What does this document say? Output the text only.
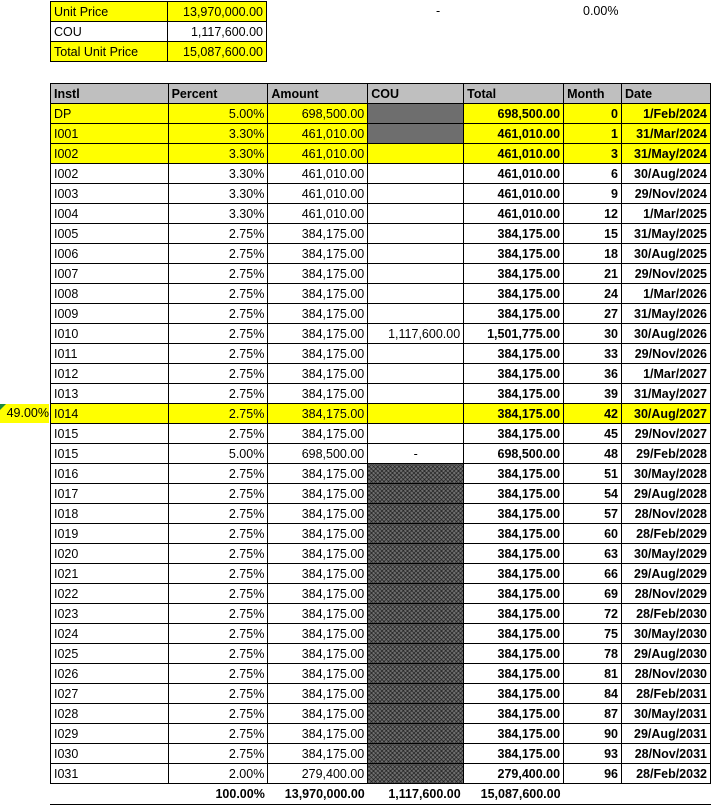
Unit Price	13,970,000.00
COU	1,117,600.00
Total Unit Price	15,087,600.00
-	0.00%
49.00%
Instl	Percent	Amount	COU	Total	Month	Date
DP	5.00%	698,500.00		698,500.00	0	1/Feb/2024
I001	3.30%	461,010.00		461,010.00	1	31/Mar/2024
I002	3.30%	461,010.00		461,010.00	3	31/May/2024
I002	3.30%	461,010.00		461,010.00	6	30/Aug/2024
I003	3.30%	461,010.00		461,010.00	9	29/Nov/2024
I004	3.30%	461,010.00		461,010.00	12	1/Mar/2025
I005	2.75%	384,175.00		384,175.00	15	31/May/2025
I006	2.75%	384,175.00		384,175.00	18	30/Aug/2025
I007	2.75%	384,175.00		384,175.00	21	29/Nov/2025
I008	2.75%	384,175.00		384,175.00	24	1/Mar/2026
I009	2.75%	384,175.00		384,175.00	27	31/May/2026
I010	2.75%	384,175.00	1,117,600.00	1,501,775.00	30	30/Aug/2026
I011	2.75%	384,175.00		384,175.00	33	29/Nov/2026
I012	2.75%	384,175.00		384,175.00	36	1/Mar/2027
I013	2.75%	384,175.00		384,175.00	39	31/May/2027
I014	2.75%	384,175.00		384,175.00	42	30/Aug/2027
I015	2.75%	384,175.00		384,175.00	45	29/Nov/2027
I015	5.00%	698,500.00	-	698,500.00	48	29/Feb/2028
I016	2.75%	384,175.00		384,175.00	51	30/May/2028
I017	2.75%	384,175.00		384,175.00	54	29/Aug/2028
I018	2.75%	384,175.00		384,175.00	57	28/Nov/2028
I019	2.75%	384,175.00		384,175.00	60	28/Feb/2029
I020	2.75%	384,175.00		384,175.00	63	30/May/2029
I021	2.75%	384,175.00		384,175.00	66	29/Aug/2029
I022	2.75%	384,175.00		384,175.00	69	28/Nov/2029
I023	2.75%	384,175.00		384,175.00	72	28/Feb/2030
I024	2.75%	384,175.00		384,175.00	75	30/May/2030
I025	2.75%	384,175.00		384,175.00	78	29/Aug/2030
I026	2.75%	384,175.00		384,175.00	81	28/Nov/2030
I027	2.75%	384,175.00		384,175.00	84	28/Feb/2031
I028	2.75%	384,175.00		384,175.00	87	30/May/2031
I029	2.75%	384,175.00		384,175.00	90	29/Aug/2031
I030	2.75%	384,175.00		384,175.00	93	28/Nov/2031
I031	2.00%	279,400.00		279,400.00	96	28/Feb/2032
	100.00%	13,970,000.00	1,117,600.00	15,087,600.00		
